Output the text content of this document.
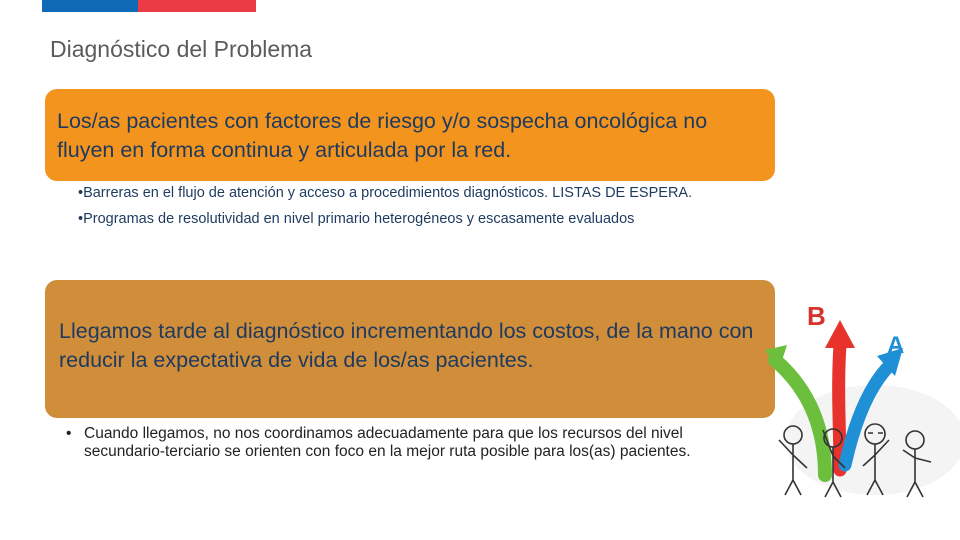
Diagnóstico del Problema
Los/as pacientes con factores de riesgo y/o sospecha oncológica no fluyen en forma continua y articulada por la red.
•Barreras en el flujo de atención y acceso a procedimientos diagnósticos. LISTAS DE ESPERA.
•Programas de resolutividad en nivel primario heterogéneos y escasamente evaluados
Llegamos tarde al diagnóstico incrementando los costos, de la mano con reducir la expectativa de vida de los/as pacientes.
• Cuando llegamos, no nos coordinamos adecuadamente para que los recursos del nivel secundario-terciario se orienten con foco en la mejor ruta posible para los(as) pacientes.
B
A
